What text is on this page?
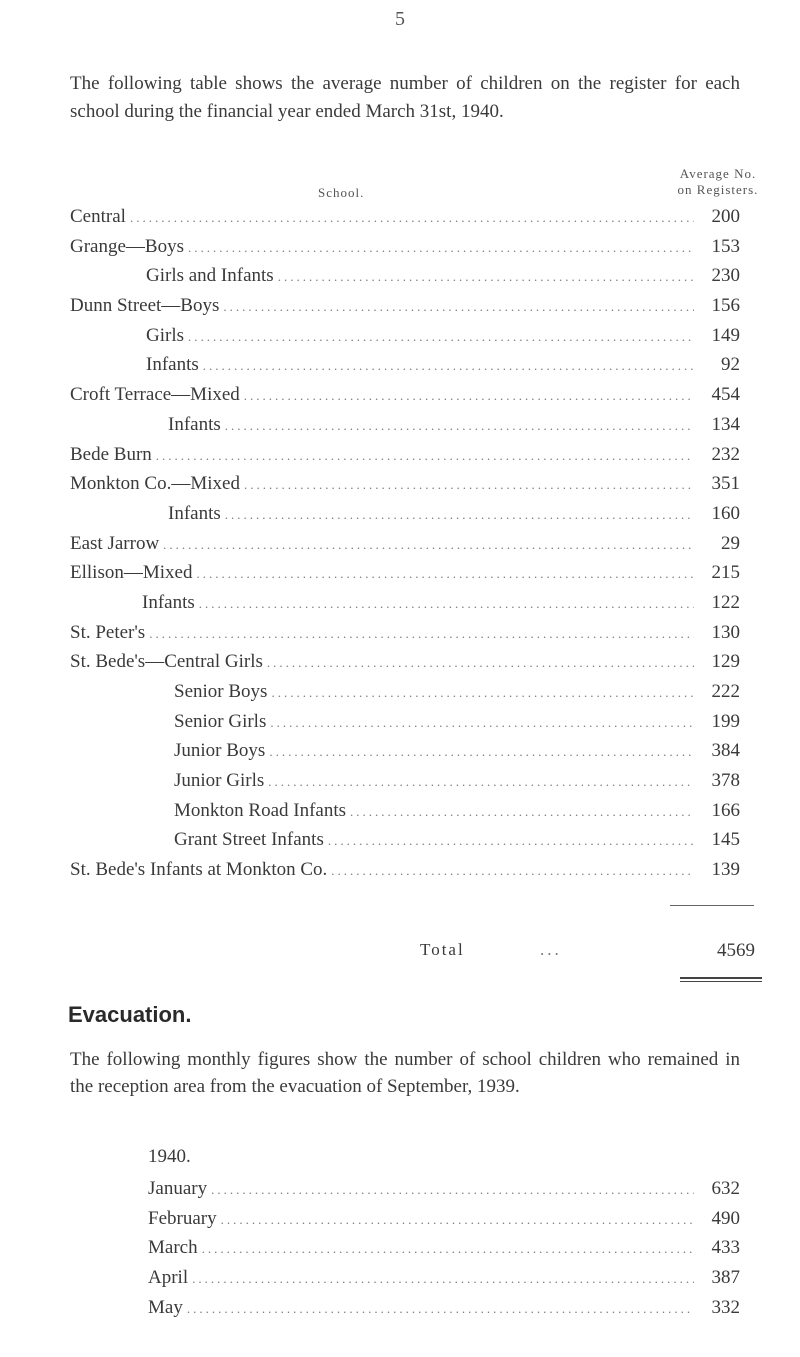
5

The following table shows the average number of children on the register for each school during the financial year ended March 31st, 1940.

School.
Average No.
on Registers.
Central .....	200
Grange—Boys .....	153
Girls and Infants .....	230
Dunn Street—Boys .....	156
Girls .....	149
Infants .....	92
Croft Terrace—Mixed .....	454
Infants .....	134
Bede Burn .....	232
Monkton Co.—Mixed .....	351
Infants .....	160
East Jarrow .....	29
Ellison—Mixed .....	215
Infants .....	122
St. Peter's .....	130
St. Bede's—Central Girls .....	129
Senior Boys .....	222
Senior Girls .....	199
Junior Boys .....	384
Junior Girls .....	378
Monkton Road Infants .....	166
Grant Street Infants .....	145
St. Bede's Infants at Monkton Co. .....	139
Total	...	4569
Evacuation.

The following monthly figures show the number of school children who remained in the reception area from the evacuation of September, 1939.

1940.
January .....	632
February .....	490
March .....	433
April .....	387
May .....	332
